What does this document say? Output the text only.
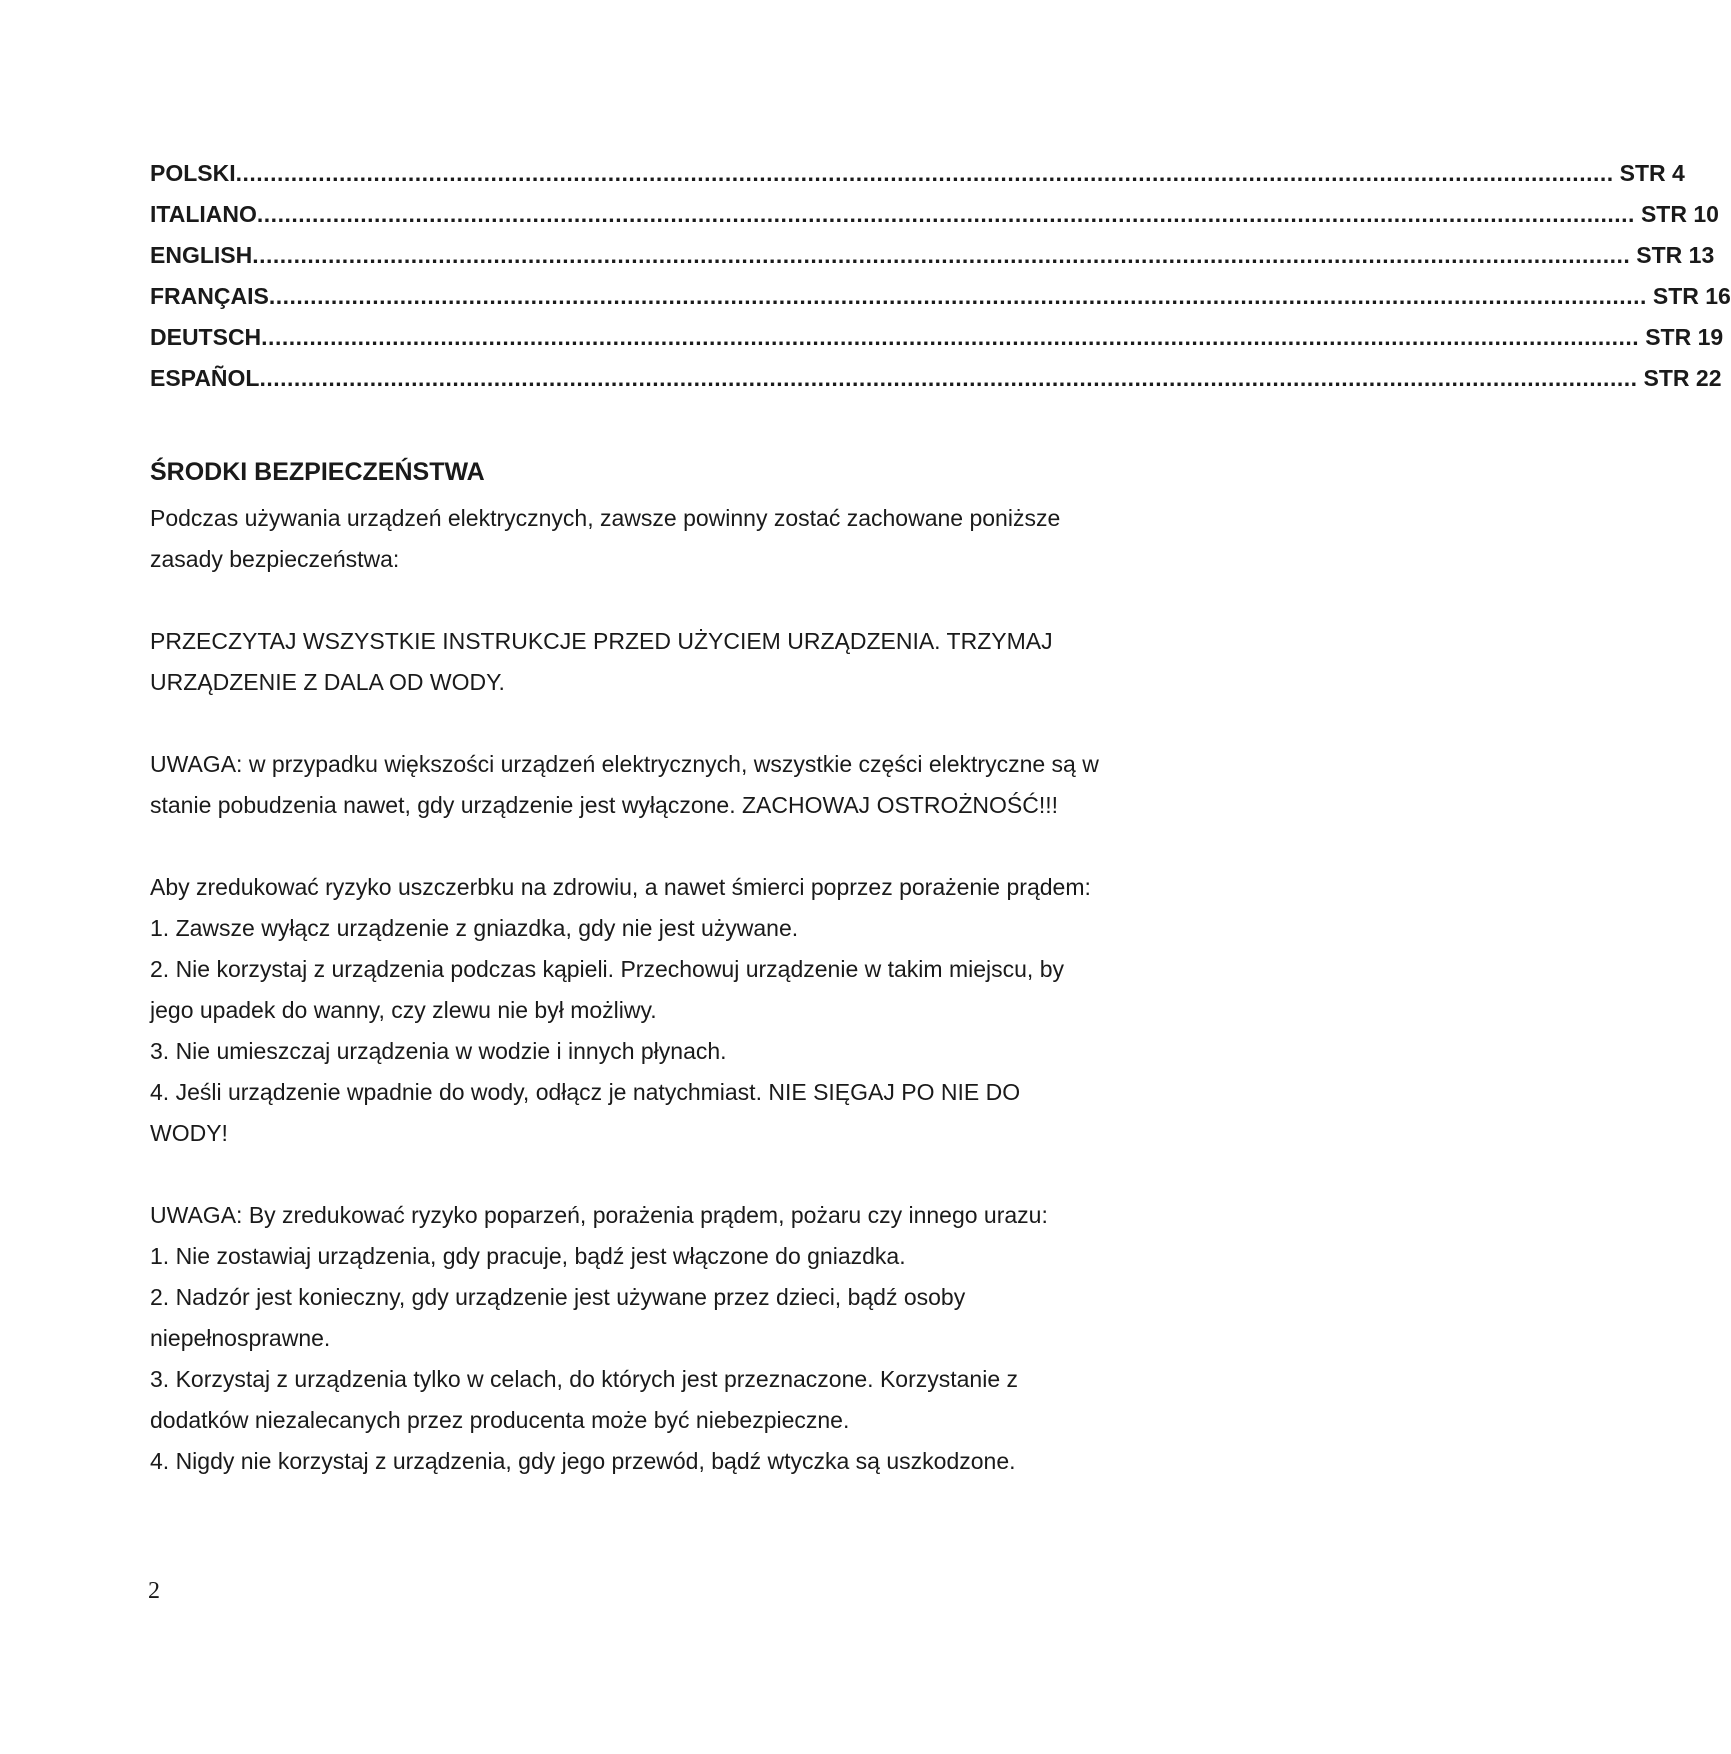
POLSKI ........................................................................................................................................................................................................ STR 4
ITALIANO ........................................................................................................................................................................................................ STR 10
ENGLISH ........................................................................................................................................................................................................ STR 13
FRANÇAIS ........................................................................................................................................................................................................ STR 16
DEUTSCH ........................................................................................................................................................................................................ STR 19
ESPAÑOL ........................................................................................................................................................................................................ STR 22
ŚRODKI BEZPIECZEŃSTWA

Podczas używania urządzeń elektrycznych, zawsze powinny zostać zachowane poniższe zasady bezpieczeństwa:

PRZECZYTAJ WSZYSTKIE INSTRUKCJE PRZED UŻYCIEM URZĄDZENIA. TRZYMAJ URZĄDZENIE Z DALA OD WODY.

UWAGA: w przypadku większości urządzeń elektrycznych, wszystkie części elektryczne są w stanie pobudzenia nawet, gdy urządzenie jest wyłączone. ZACHOWAJ OSTROŻNOŚĆ!!!

Aby zredukować ryzyko uszczerbku na zdrowiu, a nawet śmierci poprzez porażenie prądem:

1. Zawsze wyłącz urządzenie z gniazdka, gdy nie jest używane.

2. Nie korzystaj z urządzenia podczas kąpieli. Przechowuj urządzenie w takim miejscu, by jego upadek do wanny, czy zlewu nie był możliwy.

3. Nie umieszczaj urządzenia w wodzie i innych płynach.

4. Jeśli urządzenie wpadnie do wody, odłącz je natychmiast. NIE SIĘGAJ PO NIE DO WODY!

UWAGA: By zredukować ryzyko poparzeń, porażenia prądem, pożaru czy innego urazu:

1. Nie zostawiaj urządzenia, gdy pracuje, bądź jest włączone do gniazdka.

2. Nadzór jest konieczny, gdy urządzenie jest używane przez dzieci, bądź osoby niepełnosprawne.

3. Korzystaj z urządzenia tylko w celach, do których jest przeznaczone. Korzystanie z dodatków niezalecanych przez producenta może być niebezpieczne.

4. Nigdy nie korzystaj z urządzenia, gdy jego przewód, bądź wtyczka są uszkodzone.

2
